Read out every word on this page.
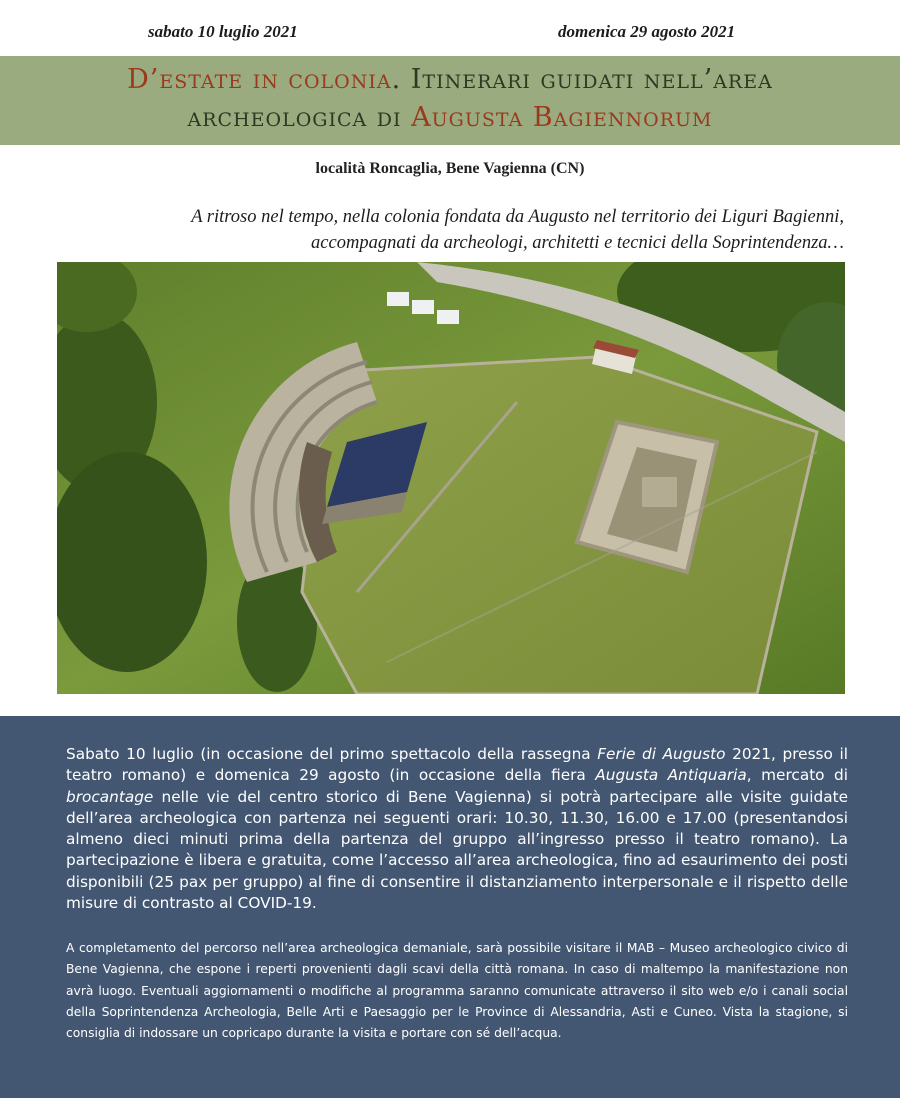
sabato 10 luglio 2021	domenica 29 agosto 2021
D’estate in colonia. Itinerari guidati nell’area
archeologica di Augusta Bagiennorum
località Roncaglia, Bene Vagienna (CN)
A ritroso nel tempo, nella colonia fondata da Augusto nel territorio dei Liguri Bagienni,
accompagnati da archeologi, architetti e tecnici della Soprintendenza…

Sabato 10 luglio (in occasione del primo spettacolo della rassegna Ferie di Augusto 2021, presso il teatro romano) e domenica 29 agosto (in occasione della fiera Augusta Antiquaria, mercato di brocantage nelle vie del centro storico di Bene Vagienna) si potrà partecipare alle visite guidate dell’area archeologica con partenza nei seguenti orari: 10.30, 11.30, 16.00 e 17.00 (presentandosi almeno dieci minuti prima della partenza del gruppo all’ingresso presso il teatro romano). La partecipazione è libera e gratuita, come l’accesso all’area archeologica, fino ad esaurimento dei posti disponibili (25 pax per gruppo) al fine di consentire il distanziamento interpersonale e il rispetto delle misure di contrasto al COVID-19.

A completamento del percorso nell’area archeologica demaniale, sarà possibile visitare il MAB – Museo archeologico civico di Bene Vagienna, che espone i reperti provenienti dagli scavi della città romana. In caso di maltempo la manifestazione non avrà luogo. Eventuali aggiornamenti o modifiche al programma saranno comunicate attraverso il sito web e/o i canali social della Soprintendenza Archeologia, Belle Arti e Paesaggio per le Province di Alessandria, Asti e Cuneo. Vista la stagione, si consiglia di indossare un copricapo durante la visita e portare con sé dell’acqua.
